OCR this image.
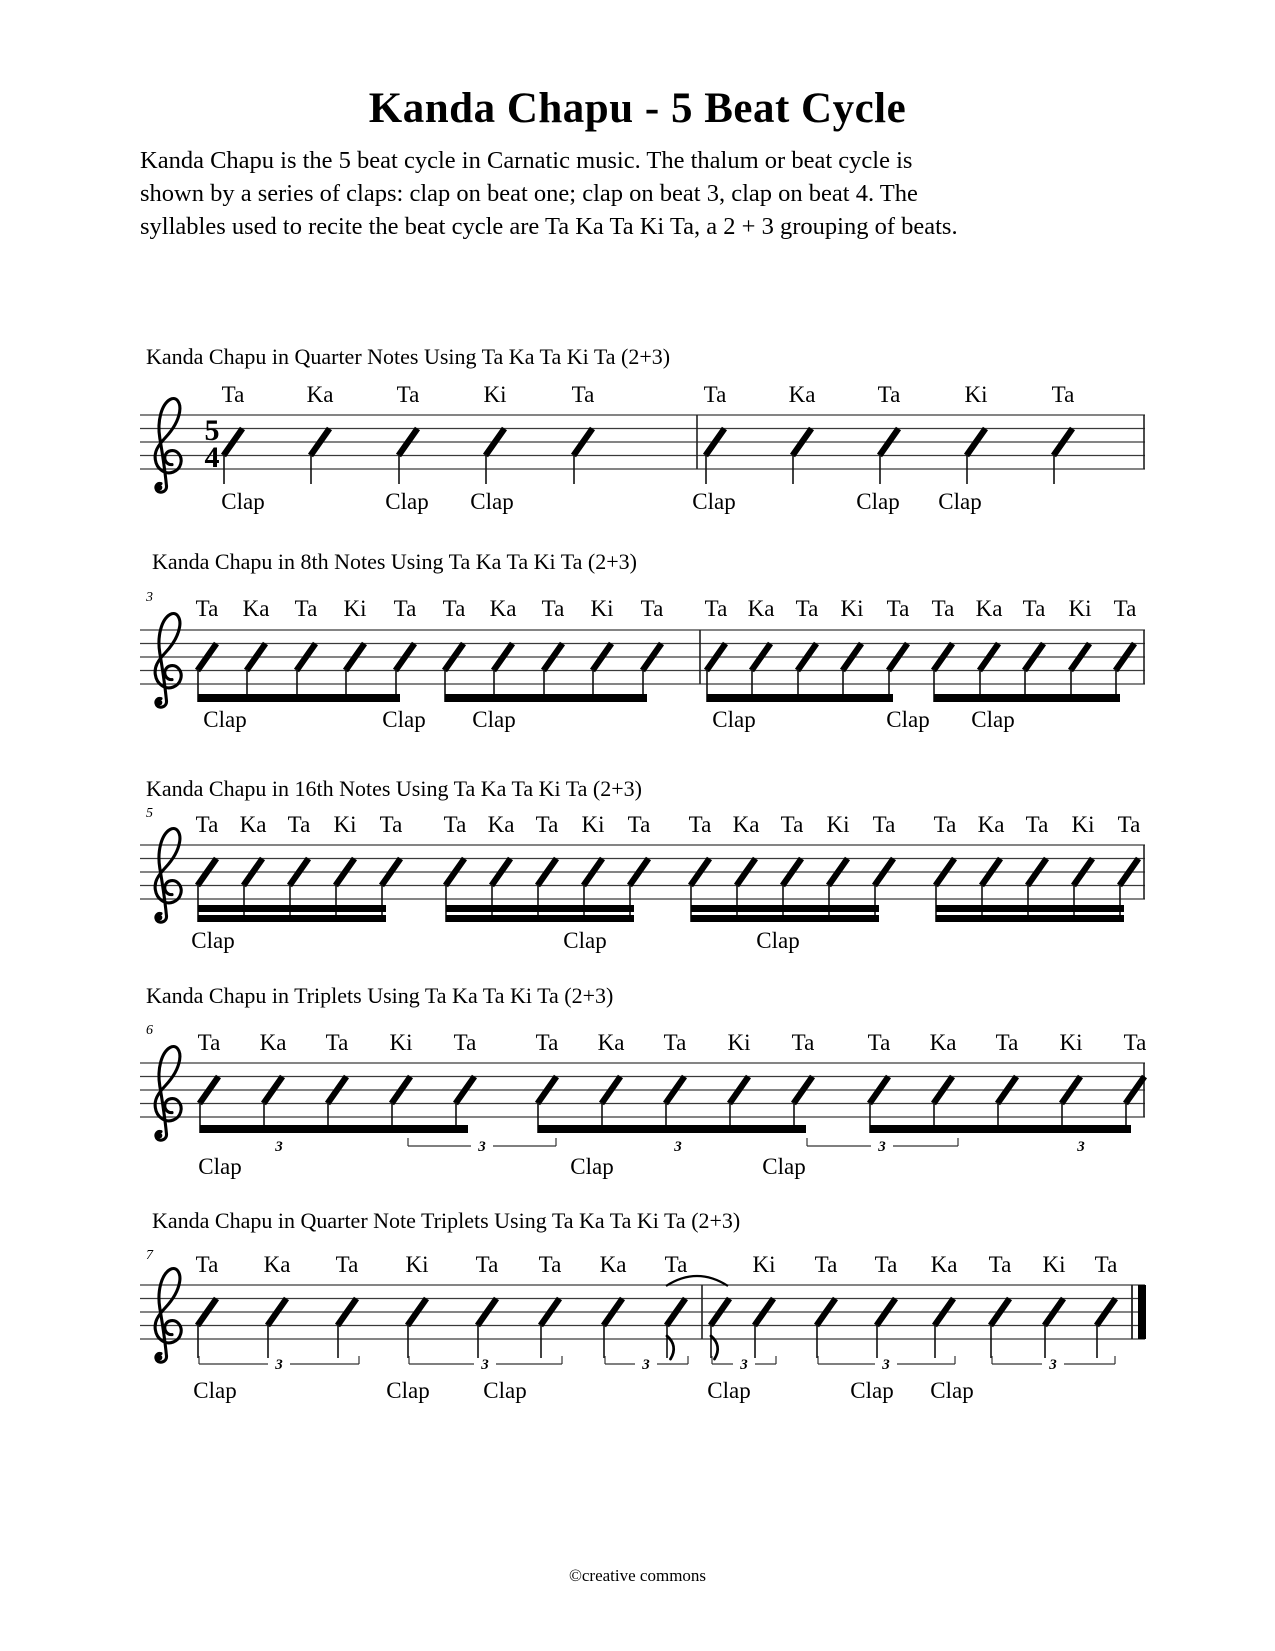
Kanda Chapu - 5 Beat Cycle
Kanda Chapu is the 5 beat cycle in Carnatic music. The thalum or beat cycle is
shown by a series of claps: clap on beat one; clap on beat 3, clap on beat 4. The
syllables used to recite the beat cycle are Ta Ka Ta Ki Ta, a 2 + 3 grouping of beats.
5
4
3	3	3	3	3
3	3	3	3	3	3
Kanda Chapu in Quarter Notes Using Ta Ka Ta Ki Ta (2+3)
Ta	Ka	Ta	Ki	Ta	Ta	Ka	Ta	Ki	Ta
Clap	Clap Clap	Clap	Clap Clap
Kanda Chapu in 8th Notes Using Ta Ka Ta Ki Ta (2+3)
3 Ta Ka Ta Ki Ta Ta Ka Ta Ki Ta Ta Ka Ta Ki Ta Ta Ka Ta Ki Ta
Clap	Clap Clap	Clap	Clap Clap
Kanda Chapu in 16th Notes Using Ta Ka Ta Ki Ta (2+3)
5 Ta Ka Ta Ki Ta Ta Ka Ta Ki Ta Ta Ka Ta Ki Ta Ta Ka Ta Ki Ta
Clap	Clap	Clap
Kanda Chapu in Triplets Using Ta Ka Ta Ki Ta (2+3)
6 Ta Ka Ta Ki Ta	Ta Ka Ta Ki Ta Ta Ka Ta Ki Ta
Clap	Clap	Clap
Kanda Chapu in Quarter Note Triplets Using Ta Ka Ta Ki Ta (2+3)
7 Ta Ka Ta Ki Ta Ta Ka Ta	Ki Ta Ta Ka Ta Ki Ta
Clap	Clap Clap	Clap	Clap Clap
©creative commons
